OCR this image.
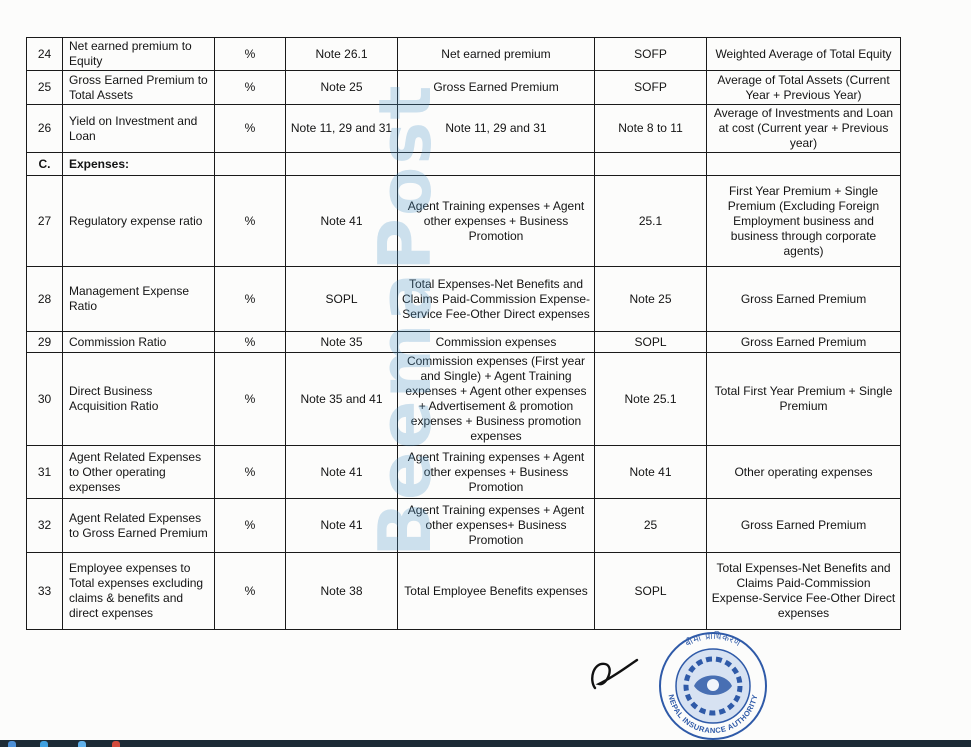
24	Net earned premium to Equity	%	Note 26.1	Net earned premium	SOFP	Weighted Average of Total Equity
25	Gross Earned Premium to Total Assets	%	Note 25	Gross Earned Premium	SOFP	Average of Total Assets (Current Year + Previous Year)
26	Yield on Investment and Loan	%	Note 11, 29 and 31	Note 11, 29 and 31	Note 8 to 11	Average of Investments and Loan at cost (Current year + Previous year)
C.	Expenses:					
27	Regulatory expense ratio	%	Note 41	Agent Training expenses + Agent other expenses + Business Promotion	25.1	First Year Premium + Single Premium (Excluding Foreign Employment business and business through corporate agents)
28	Management Expense Ratio	%	SOPL	Total Expenses-Net Benefits and Claims Paid-Commission Expense-Service Fee-Other Direct expenses	Note 25	Gross Earned Premium
29	Commission Ratio	%	Note 35	Commission expenses	SOPL	Gross Earned Premium
30	Direct Business Acquisition Ratio	%	Note 35 and 41	Commission expenses (First year and Single) + Agent Training expenses + Agent other expenses + Advertisement & promotion expenses + Business promotion expenses	Note 25.1	Total First Year Premium + Single Premium
31	Agent Related Expenses to Other operating expenses	%	Note 41	Agent Training expenses + Agent other expenses + Business Promotion	Note 41	Other operating expenses
32	Agent Related Expenses to Gross Earned Premium	%	Note 41	Agent Training expenses + Agent other expenses+ Business Promotion	25	Gross Earned Premium
33	Employee expenses to Total expenses excluding claims & benefits and direct expenses	%	Note 38	Total Employee Benefits expenses	SOPL	Total Expenses-Net Benefits and Claims Paid-Commission Expense-Service Fee-Other Direct expenses
BeemaPost
बीमा प्राधिकरण
NEPAL INSURANCE AUTHORITY
